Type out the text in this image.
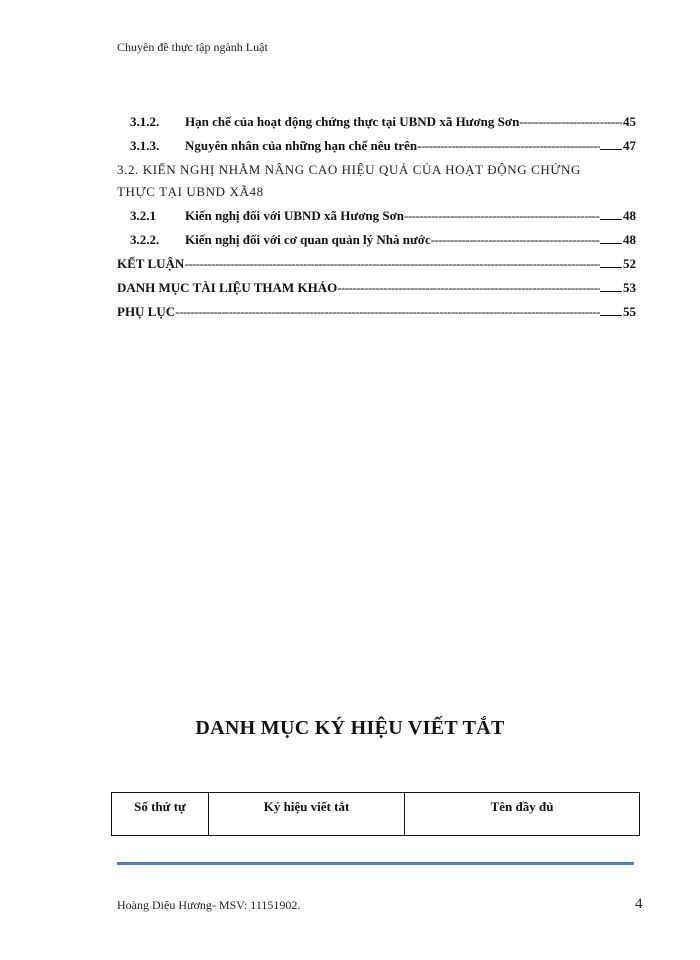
Chuyên đề thực tập ngành Luật
3.1.2. Hạn chế của hoạt động chứng thực tại UBND xã Hương Sơn -----	45
3.1.3. Nguyên nhân của những hạn chế nêu trên -----	47
3.2. KIẾN NGHỊ NHẰM NÂNG CAO HIỆU QUẢ CỦA HOẠT ĐỘNG CHỨNG
THỰC TẠI UBND XÃ 48
3.2.1 Kiến nghị đối với UBND xã Hương Sơn -----	48
3.2.2. Kiến nghị đối với cơ quan quản lý Nhà nước -----	48
KẾT LUẬN -----	52
DANH MỤC TÀI LIỆU THAM KHẢO -----	53
PHỤ LỤC -----	55
DANH MỤC KÝ HIỆU VIẾT TẮT
Số thứ tự	Ký hiệu viết tắt	Tên đầy đủ
Hoàng Diệu Hương- MSV: 11151902.	4
